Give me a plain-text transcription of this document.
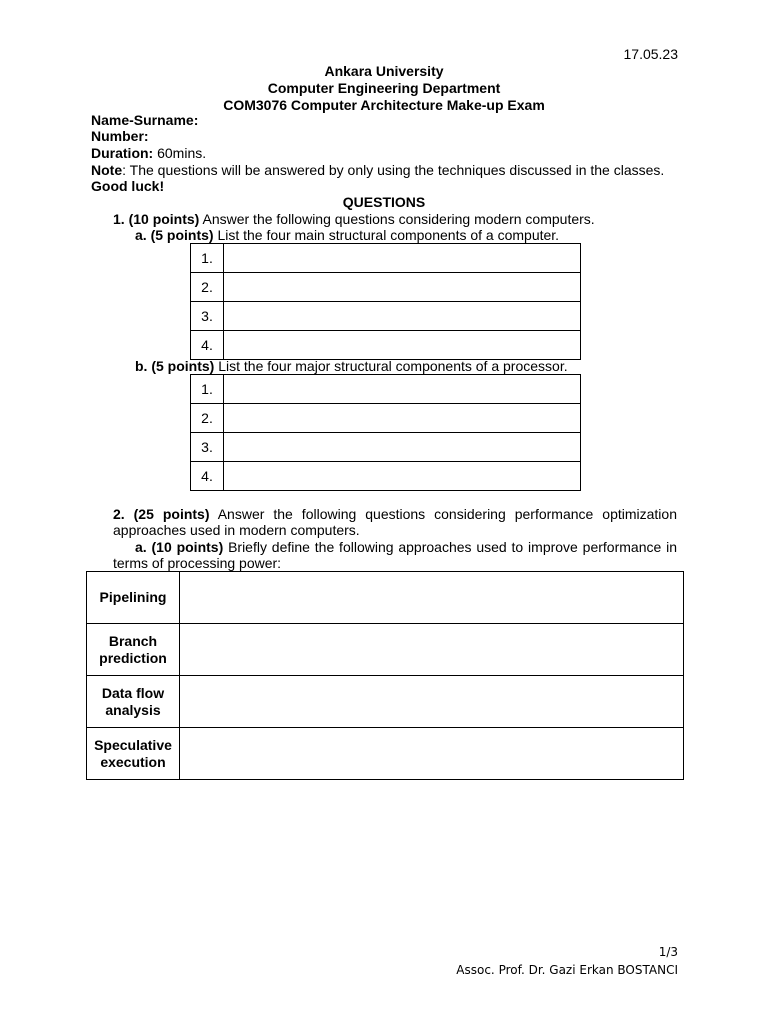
17.05.23
Ankara University
Computer Engineering Department
COM3076 Computer Architecture Make-up Exam
Name-Surname:
Number:
Duration: 60mins.
Note: The questions will be answered by only using the techniques discussed in the classes.
Good luck!
QUESTIONS
1. (10 points) Answer the following questions considering modern computers.
a. (5 points) List the four main structural components of a computer.
1.	
2.	
3.	
4.	
b. (5 points) List the four major structural components of a processor.
1.	
2.	
3.	
4.	
2. (25 points) Answer the following questions considering performance optimization
approaches used in modern computers.
a. (10 points) Briefly define the following approaches used to improve performance in
terms of processing power:
Pipelining	

Branch
prediction	

Data flow
analysis	

Speculative
execution	

1/3
Assoc. Prof. Dr. Gazi Erkan BOSTANCI
